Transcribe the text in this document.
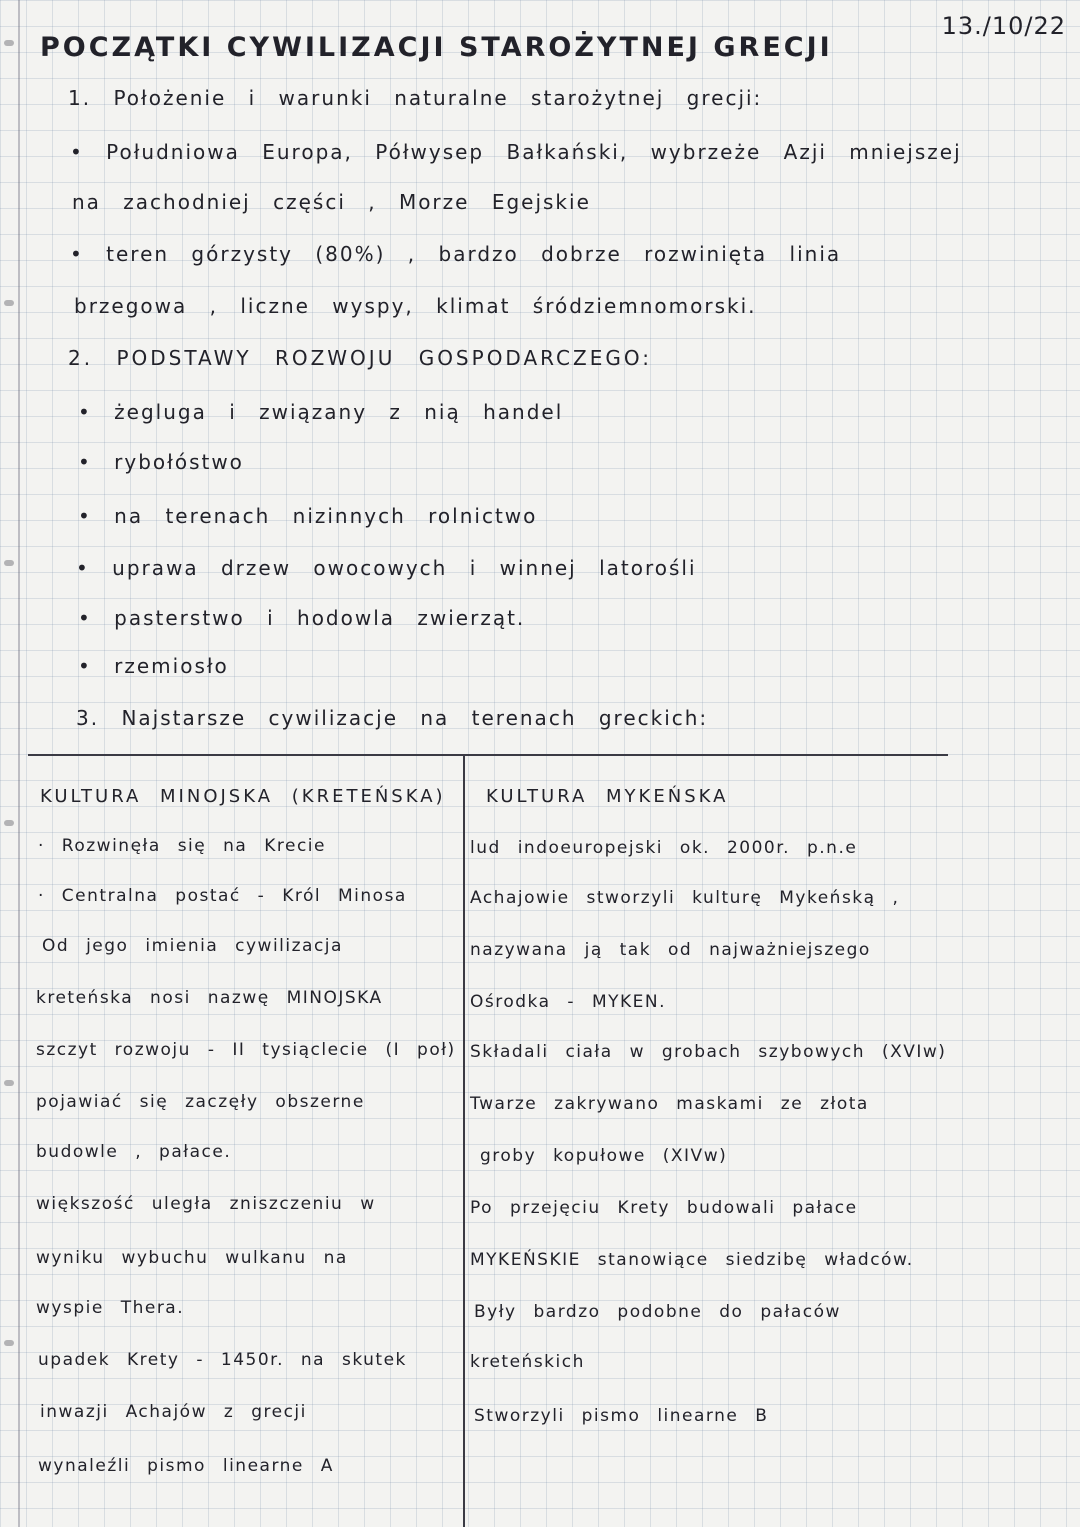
13./10/22
POCZĄTKI CYWILIZACJI STAROŻYTNEJ GRECJI
1. Położenie i warunki naturalne starożytnej grecji:
• Południowa Europa, Półwysep Bałkański, wybrzeże Azji mniejszej
na zachodniej części , Morze Egejskie
• teren górzysty (80%) , bardzo dobrze rozwinięta linia
brzegowa , liczne wyspy, klimat śródziemnomorski.
2. PODSTAWY ROZWOJU GOSPODARCZEGO:
• żegluga i związany z nią handel
• rybołóstwo
• na terenach nizinnych rolnictwo
• uprawa drzew owocowych i winnej latorośli
• pasterstwo i hodowla zwierząt.
• rzemiosło
3. Najstarsze cywilizacje na terenach greckich:
KULTURA MINOJSKA (KRETEŃSKA)
· Rozwinęła się na Krecie
· Centralna postać - Król Minosa
Od jego imienia cywilizacja
kreteńska nosi nazwę MINOJSKA
szczyt rozwoju - II tysiąclecie (I poł)
pojawiać się zaczęły obszerne
budowle , pałace.
większość uległa zniszczeniu w
wyniku wybuchu wulkanu na
wyspie Thera.
upadek Krety - 1450r. na skutek
inwazji Achajów z grecji
wynaleźli pismo linearne A
KULTURA MYKEŃSKA
lud indoeuropejski ok. 2000r. p.n.e
Achajowie stworzyli kulturę Mykeńską ,
nazywana ją tak od najważniejszego
Ośrodka - MYKEN.
Składali ciała w grobach szybowych (XVIw)
Twarze zakrywano maskami ze złota
groby kopułowe (XIVw)
Po przejęciu Krety budowali pałace
MYKEŃSKIE stanowiące siedzibę władców.
Były bardzo podobne do pałaców
kreteńskich
Stworzyli pismo linearne B
